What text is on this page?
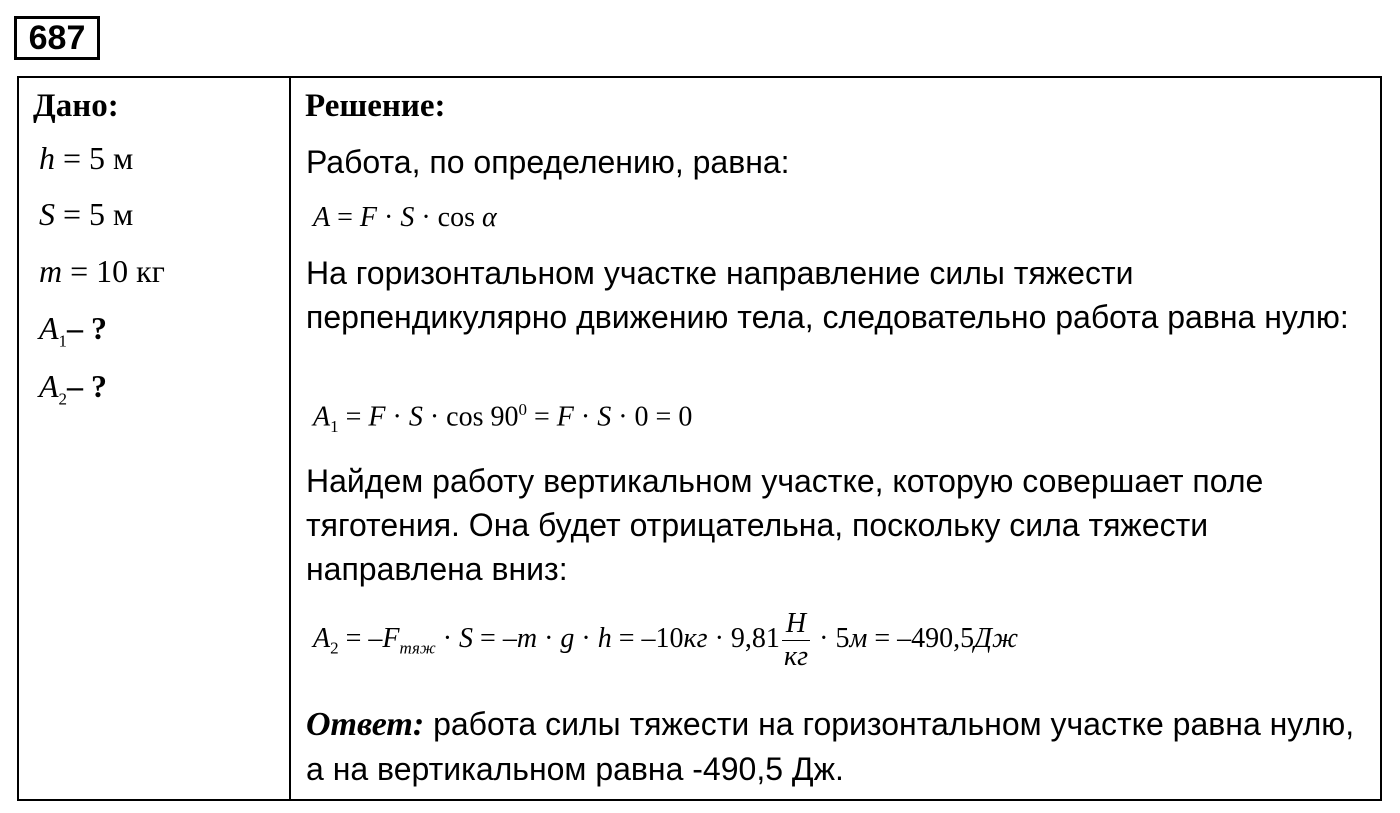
687
Дано:
h = 5 м
S = 5 м
m = 10 кг
$A_1-$ ?
$A_2-$ ?
Решение:
Работа, по определению, равна:
A = F · S · cos α
На горизонтальном участке направление силы тяжести перпендикулярно движению тела, следовательно работа равна нулю:
$A_1 = F \cdot S \cdot \cos 90^0 = F \cdot S \cdot 0 = 0$
Найдем работу вертикальном участке, которую совершает поле тяготения. Она будет отрицательна, поскольку сила тяжести направлена вниз:
$A_2 = -F_{тяж} \cdot S = -m \cdot g \cdot h = -10кг \cdot 9,81 \frac{Н}{кг} \cdot 5м = -490,5Дж$
Ответ: работа силы тяжести на горизонтальном участке равна нулю, а на вертикальном равна -490,5 Дж.
